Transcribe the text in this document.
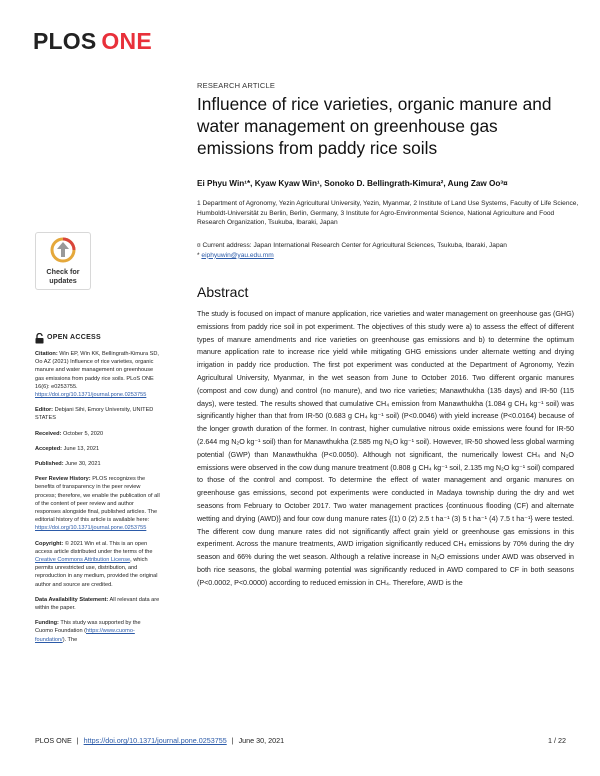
PLOS ONE
RESEARCH ARTICLE
Influence of rice varieties, organic manure and water management on greenhouse gas emissions from paddy rice soils
Ei Phyu Win¹*, Kyaw Kyaw Win¹, Sonoko D. Bellingrath-Kimura², Aung Zaw Oo³¤
1 Department of Agronomy, Yezin Agricultural University, Yezin, Myanmar, 2 Institute of Land Use Systems, Faculty of Life Science, Humboldt-Universität zu Berlin, Berlin, Germany, 3 Institute for Agro-Environmental Science, National Agriculture and Food Research Organization, Tsukuba, Ibaraki, Japan
¤ Current address: Japan International Research Center for Agricultural Sciences, Tsukuba, Ibaraki, Japan
* eiphyuwin@yau.edu.mm
Check for
updates
Abstract

The study is focused on impact of manure application, rice varieties and water management on greenhouse gas (GHG) emissions from paddy rice soil in pot experiment. The objectives of this study were a) to assess the effect of different types of manure amendments and rice varieties on greenhouse gas emissions and b) to determine the optimum manure application rate to increase rice yield while mitigating GHG emissions under alternate wetting and drying irrigation in paddy rice production. The first pot experiment was conducted at the Department of Agronomy, Yezin Agricultural University, Myanmar, in the wet season from June to October 2016. Two different organic manures (compost and cow dung) and control (no manure), and two rice varieties; Manawthukha (135 days) and IR-50 (115 days), were tested. The results showed that cumulative CH₄ emission from Manawthukha (1.084 g CH₄ kg⁻¹ soil) was significantly higher than that from IR-50 (0.683 g CH₄ kg⁻¹ soil) (P<0.0046) with yield increase (P<0.0164) because of the longer growth duration of the former. In contrast, higher cumulative nitrous oxide emissions were found for IR-50 (2.644 mg N₂O kg⁻¹ soil) than for Manawthukha (2.585 mg N₂O kg⁻¹ soil). However, IR-50 showed less global warming potential (GWP) than Manawthukha (P<0.0050). Although not significant, the numerically lowest CH₄ and N₂O emissions were observed in the cow dung manure treatment (0.808 g CH₄ kg⁻¹ soil, 2.135 mg N₂O kg⁻¹ soil) compared to those of the control and compost. To determine the effect of water management and organic manures on greenhouse gas emissions, second pot experiments were conducted in Madaya township during the dry and wet seasons from February to October 2017. Two water management practices {continuous flooding (CF) and alternate wetting and drying (AWD)} and four cow dung manure rates {(1) 0 (2) 2.5 t ha⁻¹ (3) 5 t ha⁻¹ (4) 7.5 t ha⁻¹} were tested. The different cow dung manure rates did not significantly affect grain yield or greenhouse gas emissions in this experiment. Across the manure treatments, AWD irrigation significantly reduced CH₄ emissions by 70% during the dry season and 66% during the wet season. Although a relative increase in N₂O emissions under AWD was observed in both rice seasons, the global warming potential was significantly reduced in AWD compared to CF in both seasons (P<0.0002, P<0.0000) according to reduced emission in CH₄. Therefore, AWD is the

OPEN ACCESS
Citation: Win EP, Win KK, Bellingrath-Kimura SD, Oo AZ (2021) Influence of rice varieties, organic manure and water management on greenhouse gas emissions from paddy rice soils. PLoS ONE 16(6): e0253755. https://doi.org/10.1371/journal.pone.0253755
Editor: Debjani Sihi, Emory University, UNITED STATES
Received: October 5, 2020
Accepted: June 13, 2021
Published: June 30, 2021
Peer Review History: PLOS recognizes the benefits of transparency in the peer review process; therefore, we enable the publication of all of the content of peer review and author responses alongside final, published articles. The editorial history of this article is available here: https://doi.org/10.1371/journal.pone.0253755
Copyright: © 2021 Win et al. This is an open access article distributed under the terms of the Creative Commons Attribution License, which permits unrestricted use, distribution, and reproduction in any medium, provided the original author and source are credited.
Data Availability Statement: All relevant data are within the paper.
Funding: This study was supported by the Cuomo Foundation (https://www.cuomo-foundation/). The
PLOS ONE | https://doi.org/10.1371/journal.pone.0253755 | June 30, 2021	1 / 22
